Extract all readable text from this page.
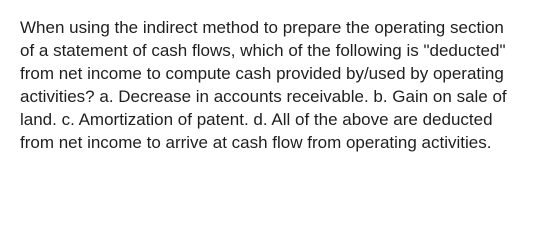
When using the indirect method to prepare the operating section
of a statement of cash flows, which of the following is "deducted"
from net income to compute cash provided by/used by operating
activities? a. Decrease in accounts receivable. b. Gain on sale of
land. c. Amortization of patent. d. All of the above are deducted
from net income to arrive at cash flow from operating activities.
